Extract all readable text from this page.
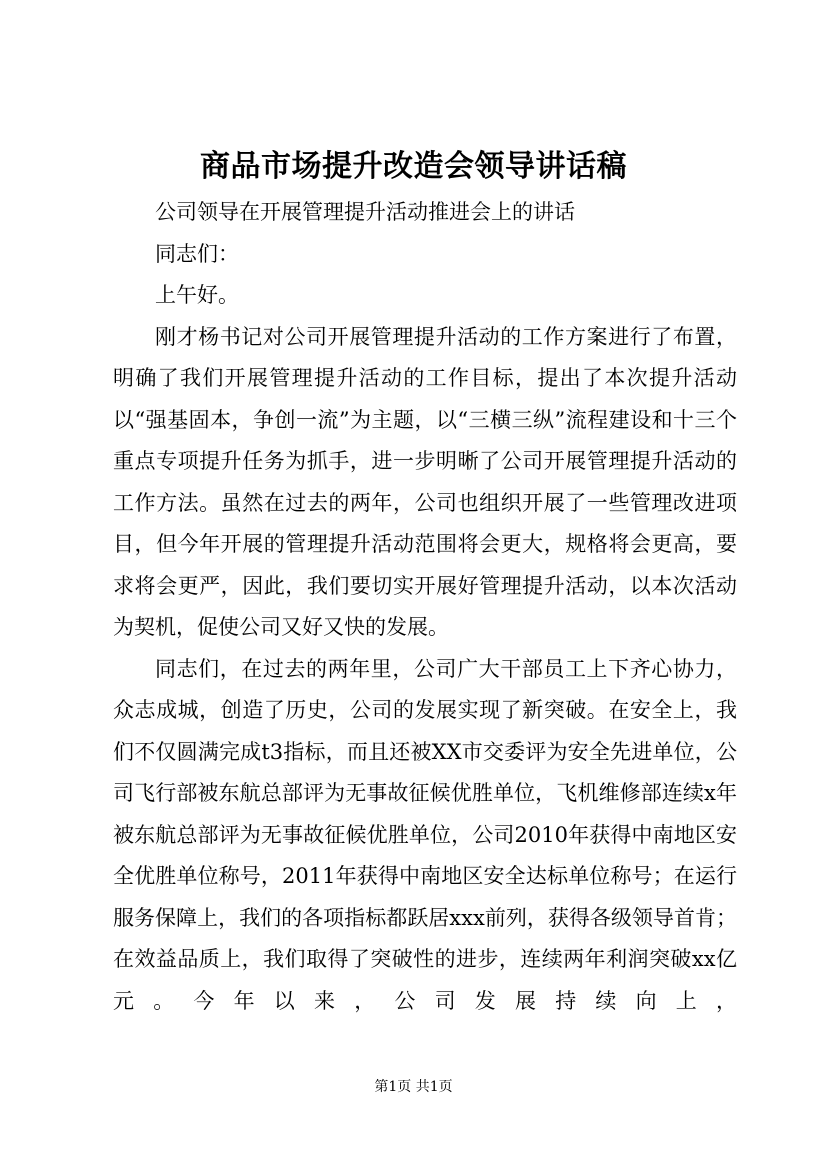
商品市场提升改造会领导讲话稿

公司领导在开展管理提升活动推进会上的讲话

同志们：

上午好。

刚才杨书记对公司开展管理提升活动的工作方案进行了布置，明确了我们开展管理提升活动的工作目标，提出了本次提升活动以“强基固本，争创一流”为主题，以“三横三纵”流程建设和十三个重点专项提升任务为抓手，进一步明晰了公司开展管理提升活动的工作方法。虽然在过去的两年，公司也组织开展了一些管理改进项目，但今年开展的管理提升活动范围将会更大，规格将会更高，要求将会更严，因此，我们要切实开展好管理提升活动，以本次活动为契机，促使公司又好又快的发展。

同志们，在过去的两年里，公司广大干部员工上下齐心协力，众志成城，创造了历史，公司的发展实现了新突破。在安全上，我们不仅圆满完成t3指标，而且还被XX市交委评为安全先进单位，公司飞行部被东航总部评为无事故征候优胜单位，飞机维修部连续x年被东航总部评为无事故征候优胜单位，公司2010年获得中南地区安全优胜单位称号，2011年获得中南地区安全达标单位称号；在运行服务保障上，我们的各项指标都跃居xxx前列，获得各级领导首肯；在效益品质上，我们取得了突破性的进步，连续两年利润突破xx亿元。今年以来，公司发展持续向上，

第1页 共1页
